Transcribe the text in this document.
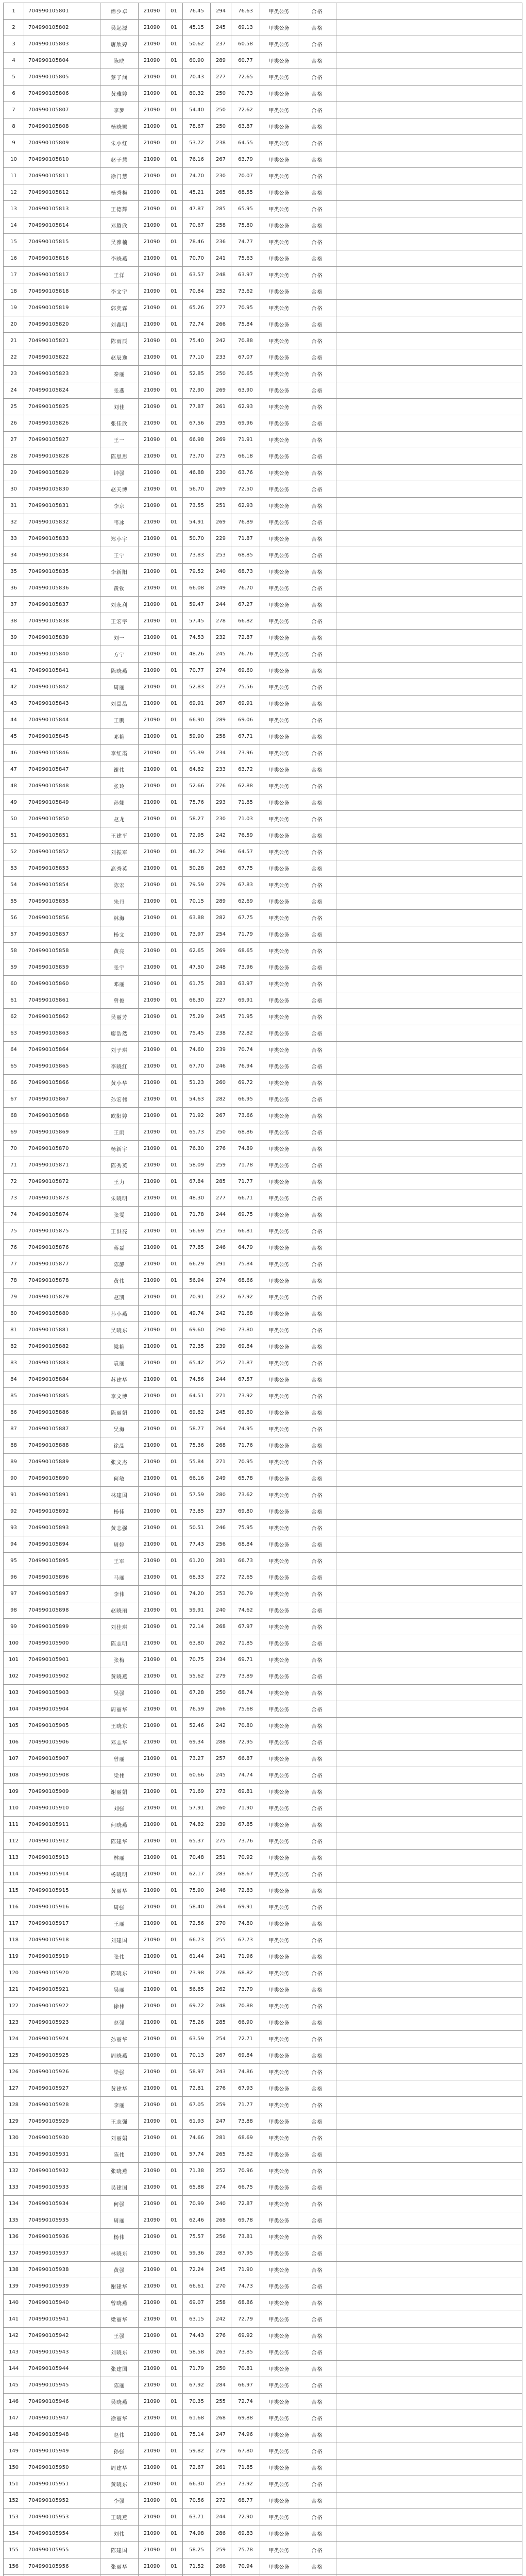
1	704990105801	谭少卓	21090	01	76.45	294	76.63	甲类公务	合格	
2	704990105802	吴起源	21090	01	45.15	245	69.13	甲类公务	合格	
3	704990105803	唐欣婷	21090	01	50.62	237	60.58	甲类公务	合格	
4	704990105804	陈晓	21090	01	60.90	289	60.77	甲类公务	合格	
5	704990105805	蔡子涵	21090	01	70.43	277	72.65	甲类公务	合格	
6	704990105806	黄雅婷	21090	01	80.32	250	70.73	甲类公务	合格	
7	704990105807	李梦	21090	01	54.40	250	72.62	甲类公务	合格	
8	704990105808	杨晓娜	21090	01	78.67	250	63.87	甲类公务	合格	
9	704990105809	朱小红	21090	01	53.72	238	64.55	甲类公务	合格	
10	704990105810	赵子慧	21090	01	76.16	267	63.79	甲类公务	合格	
11	704990105811	徐门慧	21090	01	74.70	230	70.07	甲类公务	合格	
12	704990105812	杨秀梅	21090	01	45.21	265	68.55	甲类公务	合格	
13	704990105813	王德辉	21090	01	47.87	285	65.95	甲类公务	合格	
14	704990105814	邓腾欣	21090	01	70.67	258	75.80	甲类公务	合格	
15	704990105815	吴雅楠	21090	01	78.46	236	74.77	甲类公务	合格	
16	704990105816	李晓燕	21090	01	70.70	241	75.63	甲类公务	合格	
17	704990105817	王洋	21090	01	63.57	248	63.97	甲类公务	合格	
18	704990105818	李文宇	21090	01	70.84	252	73.62	甲类公务	合格	
19	704990105819	郭奕霖	21090	01	65.26	277	70.95	甲类公务	合格	
20	704990105820	刘鑫明	21090	01	72.74	266	75.84	甲类公务	合格	
21	704990105821	陈雨辰	21090	01	75.40	242	70.88	甲类公务	合格	
22	704990105822	赵辰逸	21090	01	77.10	233	67.07	甲类公务	合格	
23	704990105823	秦丽	21090	01	52.85	250	70.65	甲类公务	合格	
24	704990105824	张燕	21090	01	72.90	269	63.90	甲类公务	合格	
25	704990105825	刘佳	21090	01	77.87	261	62.93	甲类公务	合格	
26	704990105826	张佳欣	21090	01	67.56	295	69.96	甲类公务	合格	
27	704990105827	王一	21090	01	66.98	269	71.91	甲类公务	合格	
28	704990105828	陈思思	21090	01	73.70	275	66.18	甲类公务	合格	
29	704990105829	钟强	21090	01	46.88	230	63.76	甲类公务	合格	
30	704990105830	赵天博	21090	01	56.70	269	72.50	甲类公务	合格	
31	704990105831	李京	21090	01	73.55	251	62.93	甲类公务	合格	
32	704990105832	韦冰	21090	01	54.91	269	76.89	甲类公务	合格	
33	704990105833	郑小宇	21090	01	50.70	229	71.87	甲类公务	合格	
34	704990105834	王宁	21090	01	73.83	253	68.85	甲类公务	合格	
35	704990105835	李新阳	21090	01	79.52	240	68.73	甲类公务	合格	
36	704990105836	黄钦	21090	01	66.08	249	76.70	甲类公务	合格	
37	704990105837	刘永利	21090	01	59.47	244	67.27	甲类公务	合格	
38	704990105838	王宏宇	21090	01	57.45	278	66.82	甲类公务	合格	
39	704990105839	刘一	21090	01	74.53	232	72.87	甲类公务	合格	
40	704990105840	方宁	21090	01	48.26	245	76.76	甲类公务	合格	
41	704990105841	陈晓燕	21090	01	70.77	274	69.60	甲类公务	合格	
42	704990105842	周丽	21090	01	52.83	273	75.56	甲类公务	合格	
43	704990105843	刘晶晶	21090	01	69.91	267	69.91	甲类公务	合格	
44	704990105844	王鹏	21090	01	66.90	289	69.06	甲类公务	合格	
45	704990105845	邓艳	21090	01	59.90	258	67.71	甲类公务	合格	
46	704990105846	李红霞	21090	01	55.39	234	73.96	甲类公务	合格	
47	704990105847	谢伟	21090	01	64.82	233	63.72	甲类公务	合格	
48	704990105848	张玲	21090	01	52.66	276	62.88	甲类公务	合格	
49	704990105849	孙娜	21090	01	75.76	293	71.85	甲类公务	合格	
50	704990105850	赵龙	21090	01	58.27	230	71.03	甲类公务	合格	
51	704990105851	王建平	21090	01	72.95	242	76.59	甲类公务	合格	
52	704990105852	刘振军	21090	01	46.72	296	64.57	甲类公务	合格	
53	704990105853	高秀英	21090	01	50.28	263	67.75	甲类公务	合格	
54	704990105854	陈宏	21090	01	79.59	279	67.83	甲类公务	合格	
55	704990105855	朱丹	21090	01	70.15	289	62.69	甲类公务	合格	
56	704990105856	林海	21090	01	63.88	282	67.75	甲类公务	合格	
57	704990105857	杨文	21090	01	73.97	254	71.79	甲类公务	合格	
58	704990105858	黄亮	21090	01	62.65	269	68.65	甲类公务	合格	
59	704990105859	张宇	21090	01	47.50	248	73.96	甲类公务	合格	
60	704990105860	邓丽	21090	01	61.75	283	63.97	甲类公务	合格	
61	704990105861	曾俊	21090	01	66.30	227	69.91	甲类公务	合格	
62	704990105862	吴丽芳	21090	01	75.29	245	71.95	甲类公务	合格	
63	704990105863	廖浩然	21090	01	75.45	238	72.82	甲类公务	合格	
64	704990105864	刘子琪	21090	01	74.60	239	70.74	甲类公务	合格	
65	704990105865	李晓红	21090	01	67.70	246	76.94	甲类公务	合格	
66	704990105866	黄小华	21090	01	51.23	260	69.72	甲类公务	合格	
67	704990105867	孙宏伟	21090	01	54.63	282	66.95	甲类公务	合格	
68	704990105868	欧阳婷	21090	01	71.92	267	73.66	甲类公务	合格	
69	704990105869	王雨	21090	01	65.73	250	68.86	甲类公务	合格	
70	704990105870	杨新宇	21090	01	76.30	276	74.89	甲类公务	合格	
71	704990105871	陈秀英	21090	01	58.09	259	71.78	甲类公务	合格	
72	704990105872	王力	21090	01	67.84	285	71.77	甲类公务	合格	
73	704990105873	朱晓明	21090	01	48.30	277	66.71	甲类公务	合格	
74	704990105874	张雯	21090	01	71.78	244	69.75	甲类公务	合格	
75	704990105875	王洪亮	21090	01	56.69	253	66.81	甲类公务	合格	
76	704990105876	蒋磊	21090	01	77.85	246	64.79	甲类公务	合格	
77	704990105877	陈静	21090	01	66.29	291	75.84	甲类公务	合格	
78	704990105878	黄伟	21090	01	56.94	274	68.66	甲类公务	合格	
79	704990105879	赵凯	21090	01	70.91	232	67.92	甲类公务	合格	
80	704990105880	孙小燕	21090	01	49.74	242	71.68	甲类公务	合格	
81	704990105881	吴晓东	21090	01	69.60	290	73.80	甲类公务	合格	
82	704990105882	梁艳	21090	01	72.35	239	69.84	甲类公务	合格	
83	704990105883	袁丽	21090	01	65.42	252	71.87	甲类公务	合格	
84	704990105884	苏建华	21090	01	74.56	244	67.57	甲类公务	合格	
85	704990105885	李文博	21090	01	64.51	271	73.92	甲类公务	合格	
86	704990105886	陈丽娟	21090	01	69.82	245	69.80	甲类公务	合格	
87	704990105887	吴海	21090	01	58.77	264	74.95	甲类公务	合格	
88	704990105888	徐晶	21090	01	75.36	268	71.76	甲类公务	合格	
89	704990105889	张文杰	21090	01	55.84	271	70.95	甲类公务	合格	
90	704990105890	何敏	21090	01	66.16	249	65.78	甲类公务	合格	
91	704990105891	林建国	21090	01	57.59	280	73.62	甲类公务	合格	
92	704990105892	杨佳	21090	01	73.85	237	69.80	甲类公务	合格	
93	704990105893	黄志强	21090	01	50.51	246	75.95	甲类公务	合格	
94	704990105894	周婷	21090	01	77.43	256	68.84	甲类公务	合格	
95	704990105895	王军	21090	01	61.20	281	66.73	甲类公务	合格	
96	704990105896	马丽	21090	01	68.33	272	72.65	甲类公务	合格	
97	704990105897	李伟	21090	01	74.20	253	70.79	甲类公务	合格	
98	704990105898	赵晓丽	21090	01	59.91	240	74.62	甲类公务	合格	
99	704990105899	刘佳琪	21090	01	72.14	268	67.97	甲类公务	合格	
100	704990105900	陈志明	21090	01	63.80	262	71.85	甲类公务	合格	
101	704990105901	张梅	21090	01	70.75	234	69.71	甲类公务	合格	
102	704990105902	黄晓燕	21090	01	55.62	279	73.89	甲类公务	合格	
103	704990105903	吴强	21090	01	67.28	250	68.74	甲类公务	合格	
104	704990105904	周丽华	21090	01	76.59	266	75.68	甲类公务	合格	
105	704990105905	王晓东	21090	01	52.46	242	70.80	甲类公务	合格	
106	704990105906	邓志华	21090	01	69.34	288	72.95	甲类公务	合格	
107	704990105907	曾丽	21090	01	73.27	257	66.87	甲类公务	合格	
108	704990105908	梁伟	21090	01	60.66	245	74.74	甲类公务	合格	
109	704990105909	谢丽娟	21090	01	71.69	273	69.81	甲类公务	合格	
110	704990105910	刘强	21090	01	57.91	260	71.90	甲类公务	合格	
111	704990105911	何晓燕	21090	01	74.82	239	67.85	甲类公务	合格	
112	704990105912	陈建华	21090	01	65.37	275	73.76	甲类公务	合格	
113	704990105913	林丽	21090	01	70.48	251	70.92	甲类公务	合格	
114	704990105914	杨晓明	21090	01	62.17	283	68.67	甲类公务	合格	
115	704990105915	黄丽华	21090	01	75.90	246	72.83	甲类公务	合格	
116	704990105916	周强	21090	01	58.40	264	69.91	甲类公务	合格	
117	704990105917	王丽	21090	01	72.56	270	74.80	甲类公务	合格	
118	704990105918	刘建国	21090	01	66.73	255	67.73	甲类公务	合格	
119	704990105919	张伟	21090	01	61.44	241	71.96	甲类公务	合格	
120	704990105920	陈晓东	21090	01	73.98	278	68.82	甲类公务	合格	
121	704990105921	吴丽	21090	01	56.85	262	73.79	甲类公务	合格	
122	704990105922	徐伟	21090	01	69.72	248	70.88	甲类公务	合格	
123	704990105923	赵强	21090	01	75.26	285	66.90	甲类公务	合格	
124	704990105924	孙丽华	21090	01	63.59	254	72.71	甲类公务	合格	
125	704990105925	周晓燕	21090	01	70.13	267	69.84	甲类公务	合格	
126	704990105926	梁强	21090	01	58.97	243	74.86	甲类公务	合格	
127	704990105927	黄建华	21090	01	72.81	276	67.93	甲类公务	合格	
128	704990105928	李丽	21090	01	67.05	259	71.77	甲类公务	合格	
129	704990105929	王志强	21090	01	61.93	247	73.88	甲类公务	合格	
130	704990105930	刘丽娟	21090	01	74.66	281	68.69	甲类公务	合格	
131	704990105931	陈伟	21090	01	57.74	265	75.82	甲类公务	合格	
132	704990105932	张晓燕	21090	01	71.38	252	70.96	甲类公务	合格	
133	704990105933	吴建国	21090	01	65.88	274	66.75	甲类公务	合格	
134	704990105934	何强	21090	01	70.99	240	72.87	甲类公务	合格	
135	704990105935	周丽	21090	01	62.46	268	69.78	甲类公务	合格	
136	704990105936	杨伟	21090	01	75.57	256	73.81	甲类公务	合格	
137	704990105937	林晓东	21090	01	59.36	283	67.95	甲类公务	合格	
138	704990105938	黄强	21090	01	72.24	245	71.90	甲类公务	合格	
139	704990105939	谢建华	21090	01	66.61	270	74.73	甲类公务	合格	
140	704990105940	曾晓燕	21090	01	69.07	258	68.86	甲类公务	合格	
141	704990105941	梁丽华	21090	01	63.15	242	72.79	甲类公务	合格	
142	704990105942	王强	21090	01	74.43	276	69.92	甲类公务	合格	
143	704990105943	刘晓东	21090	01	58.58	263	73.85	甲类公务	合格	
144	704990105944	张建国	21090	01	71.79	250	70.81	甲类公务	合格	
145	704990105945	陈丽	21090	01	67.92	284	66.97	甲类公务	合格	
146	704990105946	吴晓燕	21090	01	70.35	255	72.74	甲类公务	合格	
147	704990105947	徐丽华	21090	01	61.68	268	69.88	甲类公务	合格	
148	704990105948	赵伟	21090	01	75.14	247	74.96	甲类公务	合格	
149	704990105949	孙强	21090	01	59.82	279	67.80	甲类公务	合格	
150	704990105950	周建华	21090	01	72.67	261	71.85	甲类公务	合格	
151	704990105951	黄晓东	21090	01	66.30	253	73.92	甲类公务	合格	
152	704990105952	李强	21090	01	70.56	272	68.77	甲类公务	合格	
153	704990105953	王晓燕	21090	01	63.71	244	72.90	甲类公务	合格	
154	704990105954	刘伟	21090	01	74.98	286	69.83	甲类公务	合格	
155	704990105955	陈建国	21090	01	58.25	259	75.78	甲类公务	合格	
156	704990105956	张丽华	21090	01	71.52	266	70.94	甲类公务	合格	
